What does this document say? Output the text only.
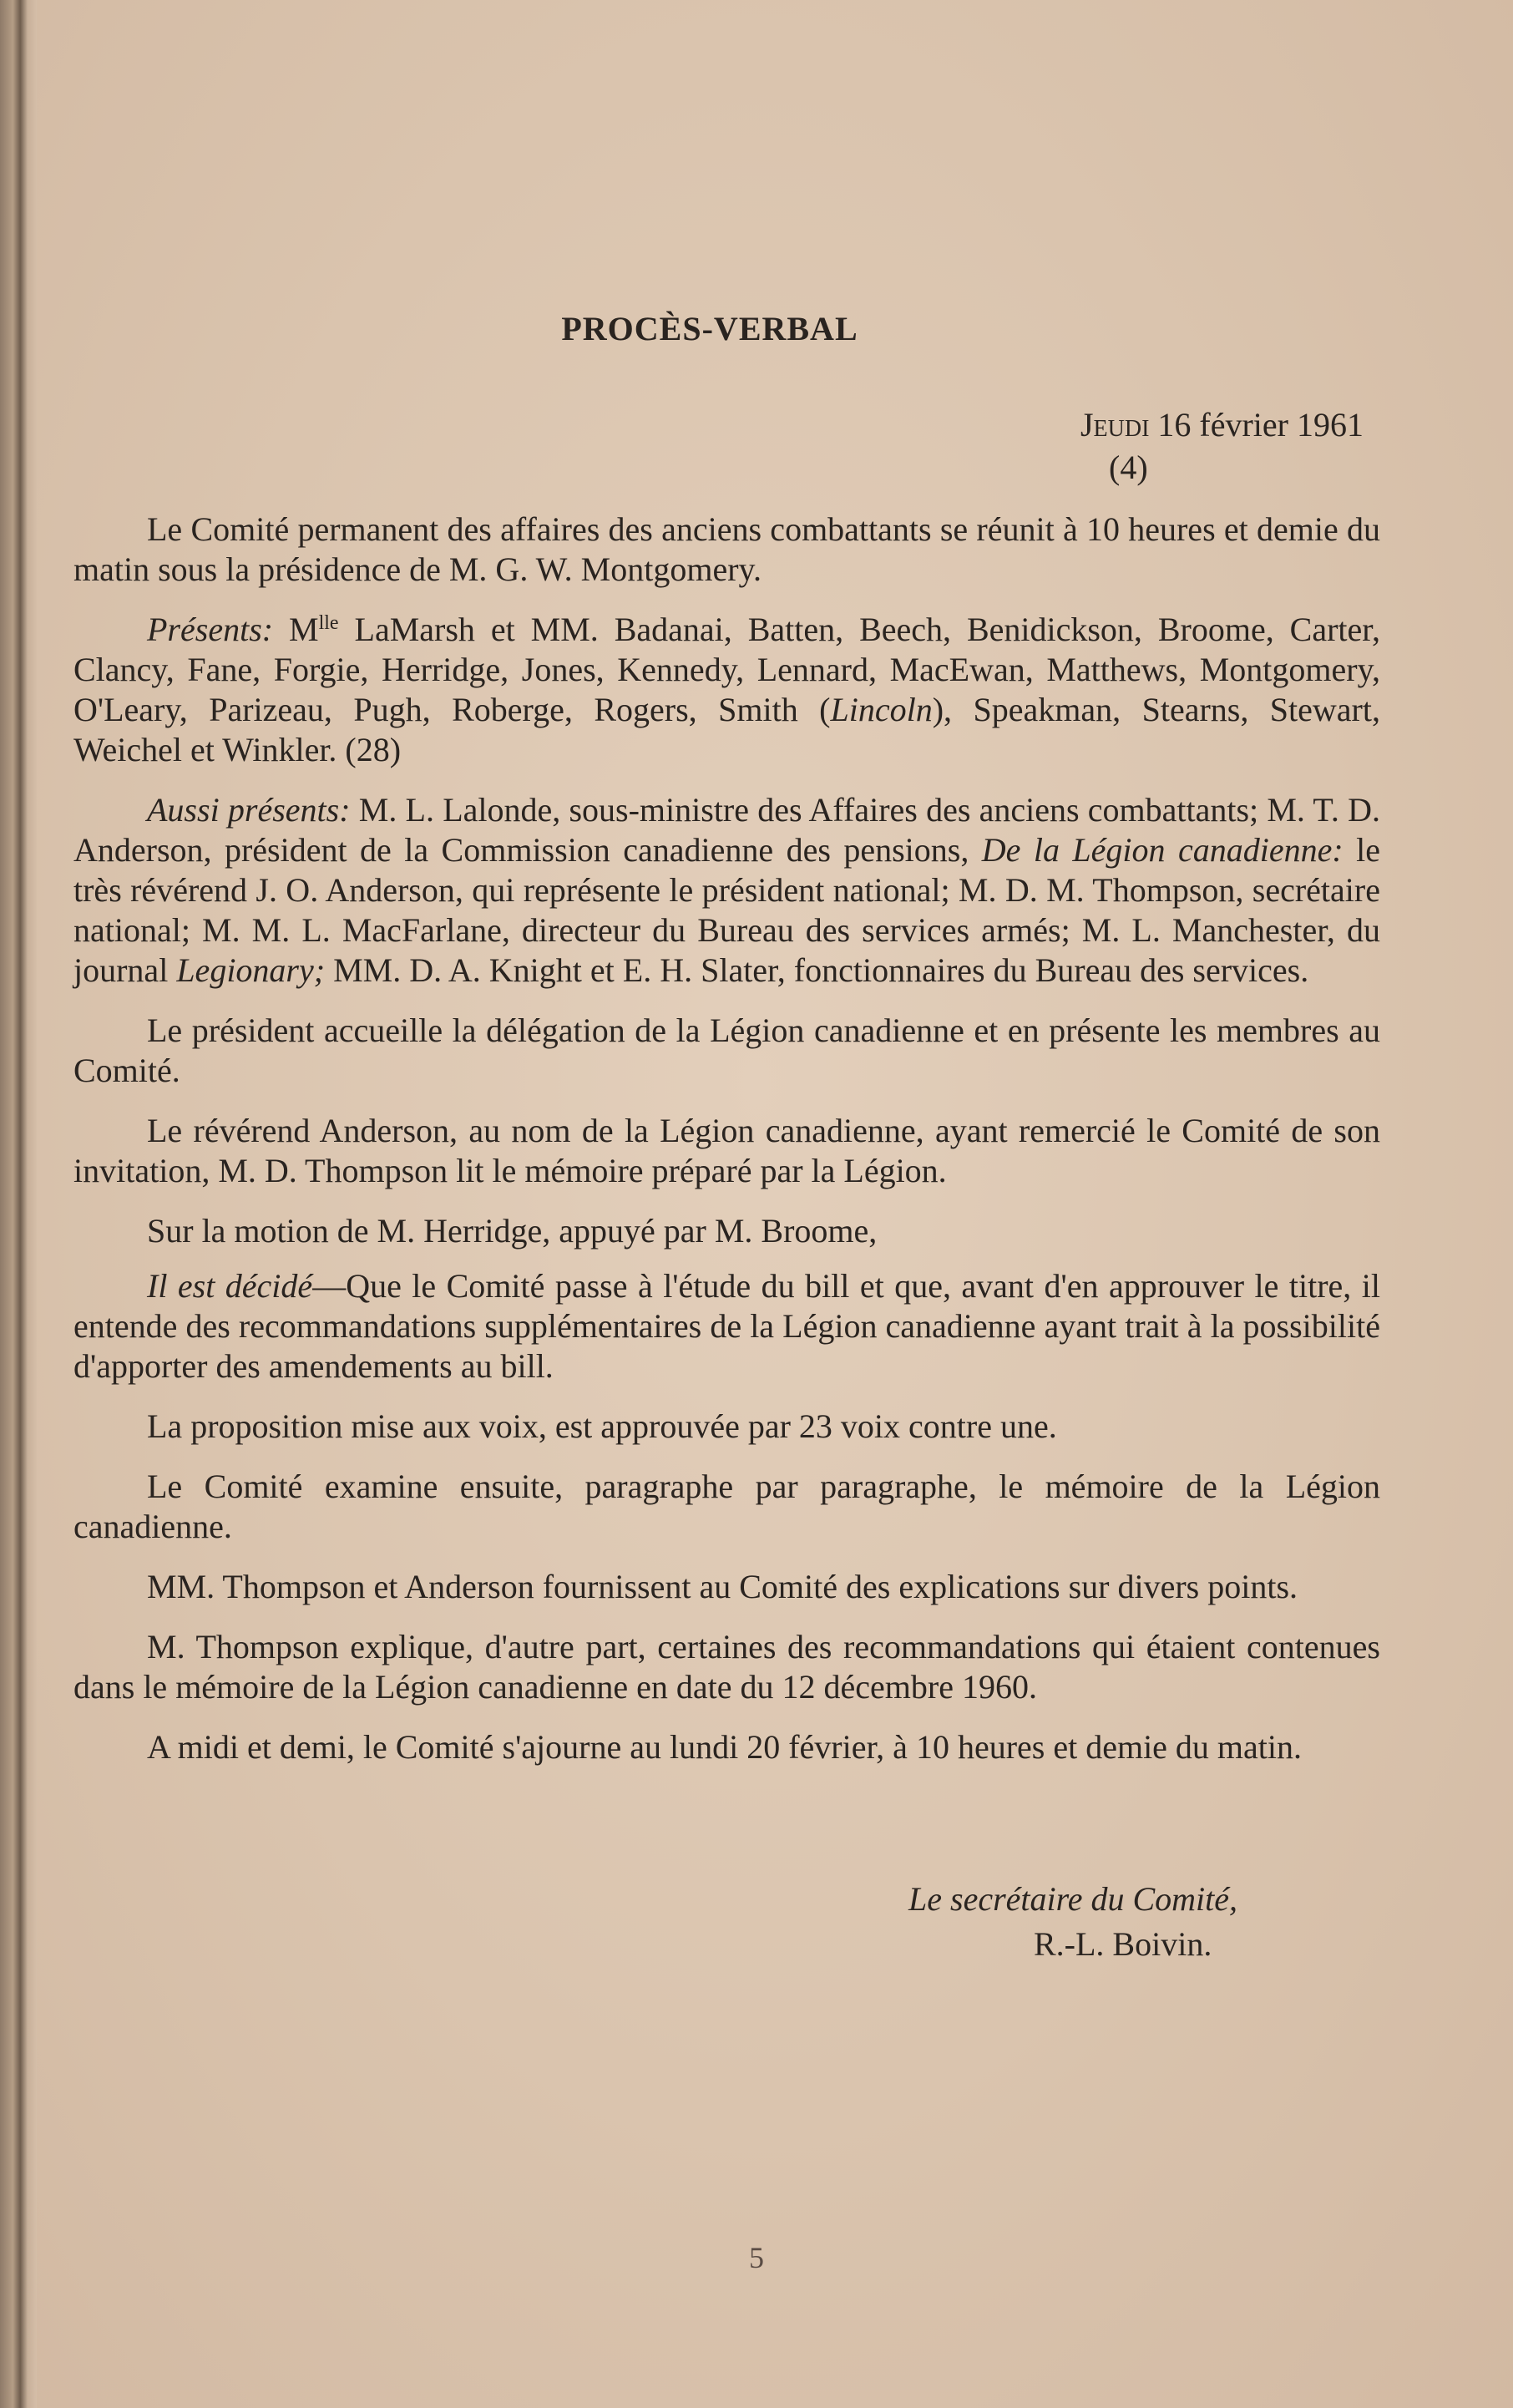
PROCÈS-VERBAL
Jeudi 16 février 1961
(4)

Le Comité permanent des affaires des anciens combattants se réunit à 10 heures et demie du matin sous la présidence de M. G. W. Montgomery.

Présents: $M^{lle}$ LaMarsh et MM. Badanai, Batten, Beech, Benidickson, Broome, Carter, Clancy, Fane, Forgie, Herridge, Jones, Kennedy, Lennard, MacEwan, Matthews, Montgomery, O'Leary, Parizeau, Pugh, Roberge, Rogers, Smith (Lincoln), Speakman, Stearns, Stewart, Weichel et Winkler. (28)

Aussi présents: M. L. Lalonde, sous-ministre des Affaires des anciens combattants; M. T. D. Anderson, président de la Commission canadienne des pensions, De la Légion canadienne: le très révérend J. O. Anderson, qui représente le président national; M. D. M. Thompson, secrétaire national; M. M. L. MacFarlane, directeur du Bureau des services armés; M. L. Manchester, du journal Legionary; MM. D. A. Knight et E. H. Slater, fonctionnaires du Bureau des services.

Le président accueille la délégation de la Légion canadienne et en présente les membres au Comité.

Le révérend Anderson, au nom de la Légion canadienne, ayant remercié le Comité de son invitation, M. D. Thompson lit le mémoire préparé par la Légion.

Sur la motion de M. Herridge, appuyé par M. Broome,

Il est décidé—Que le Comité passe à l'étude du bill et que, avant d'en approuver le titre, il entende des recommandations supplémentaires de la Légion canadienne ayant trait à la possibilité d'apporter des amendements au bill.

La proposition mise aux voix, est approuvée par 23 voix contre une.

Le Comité examine ensuite, paragraphe par paragraphe, le mémoire de la Légion canadienne.

MM. Thompson et Anderson fournissent au Comité des explications sur divers points.

M. Thompson explique, d'autre part, certaines des recommandations qui étaient contenues dans le mémoire de la Légion canadienne en date du 12 décembre 1960.

A midi et demi, le Comité s'ajourne au lundi 20 février, à 10 heures et demie du matin.

Le secrétaire du Comité,
R.-L. Boivin.
5
